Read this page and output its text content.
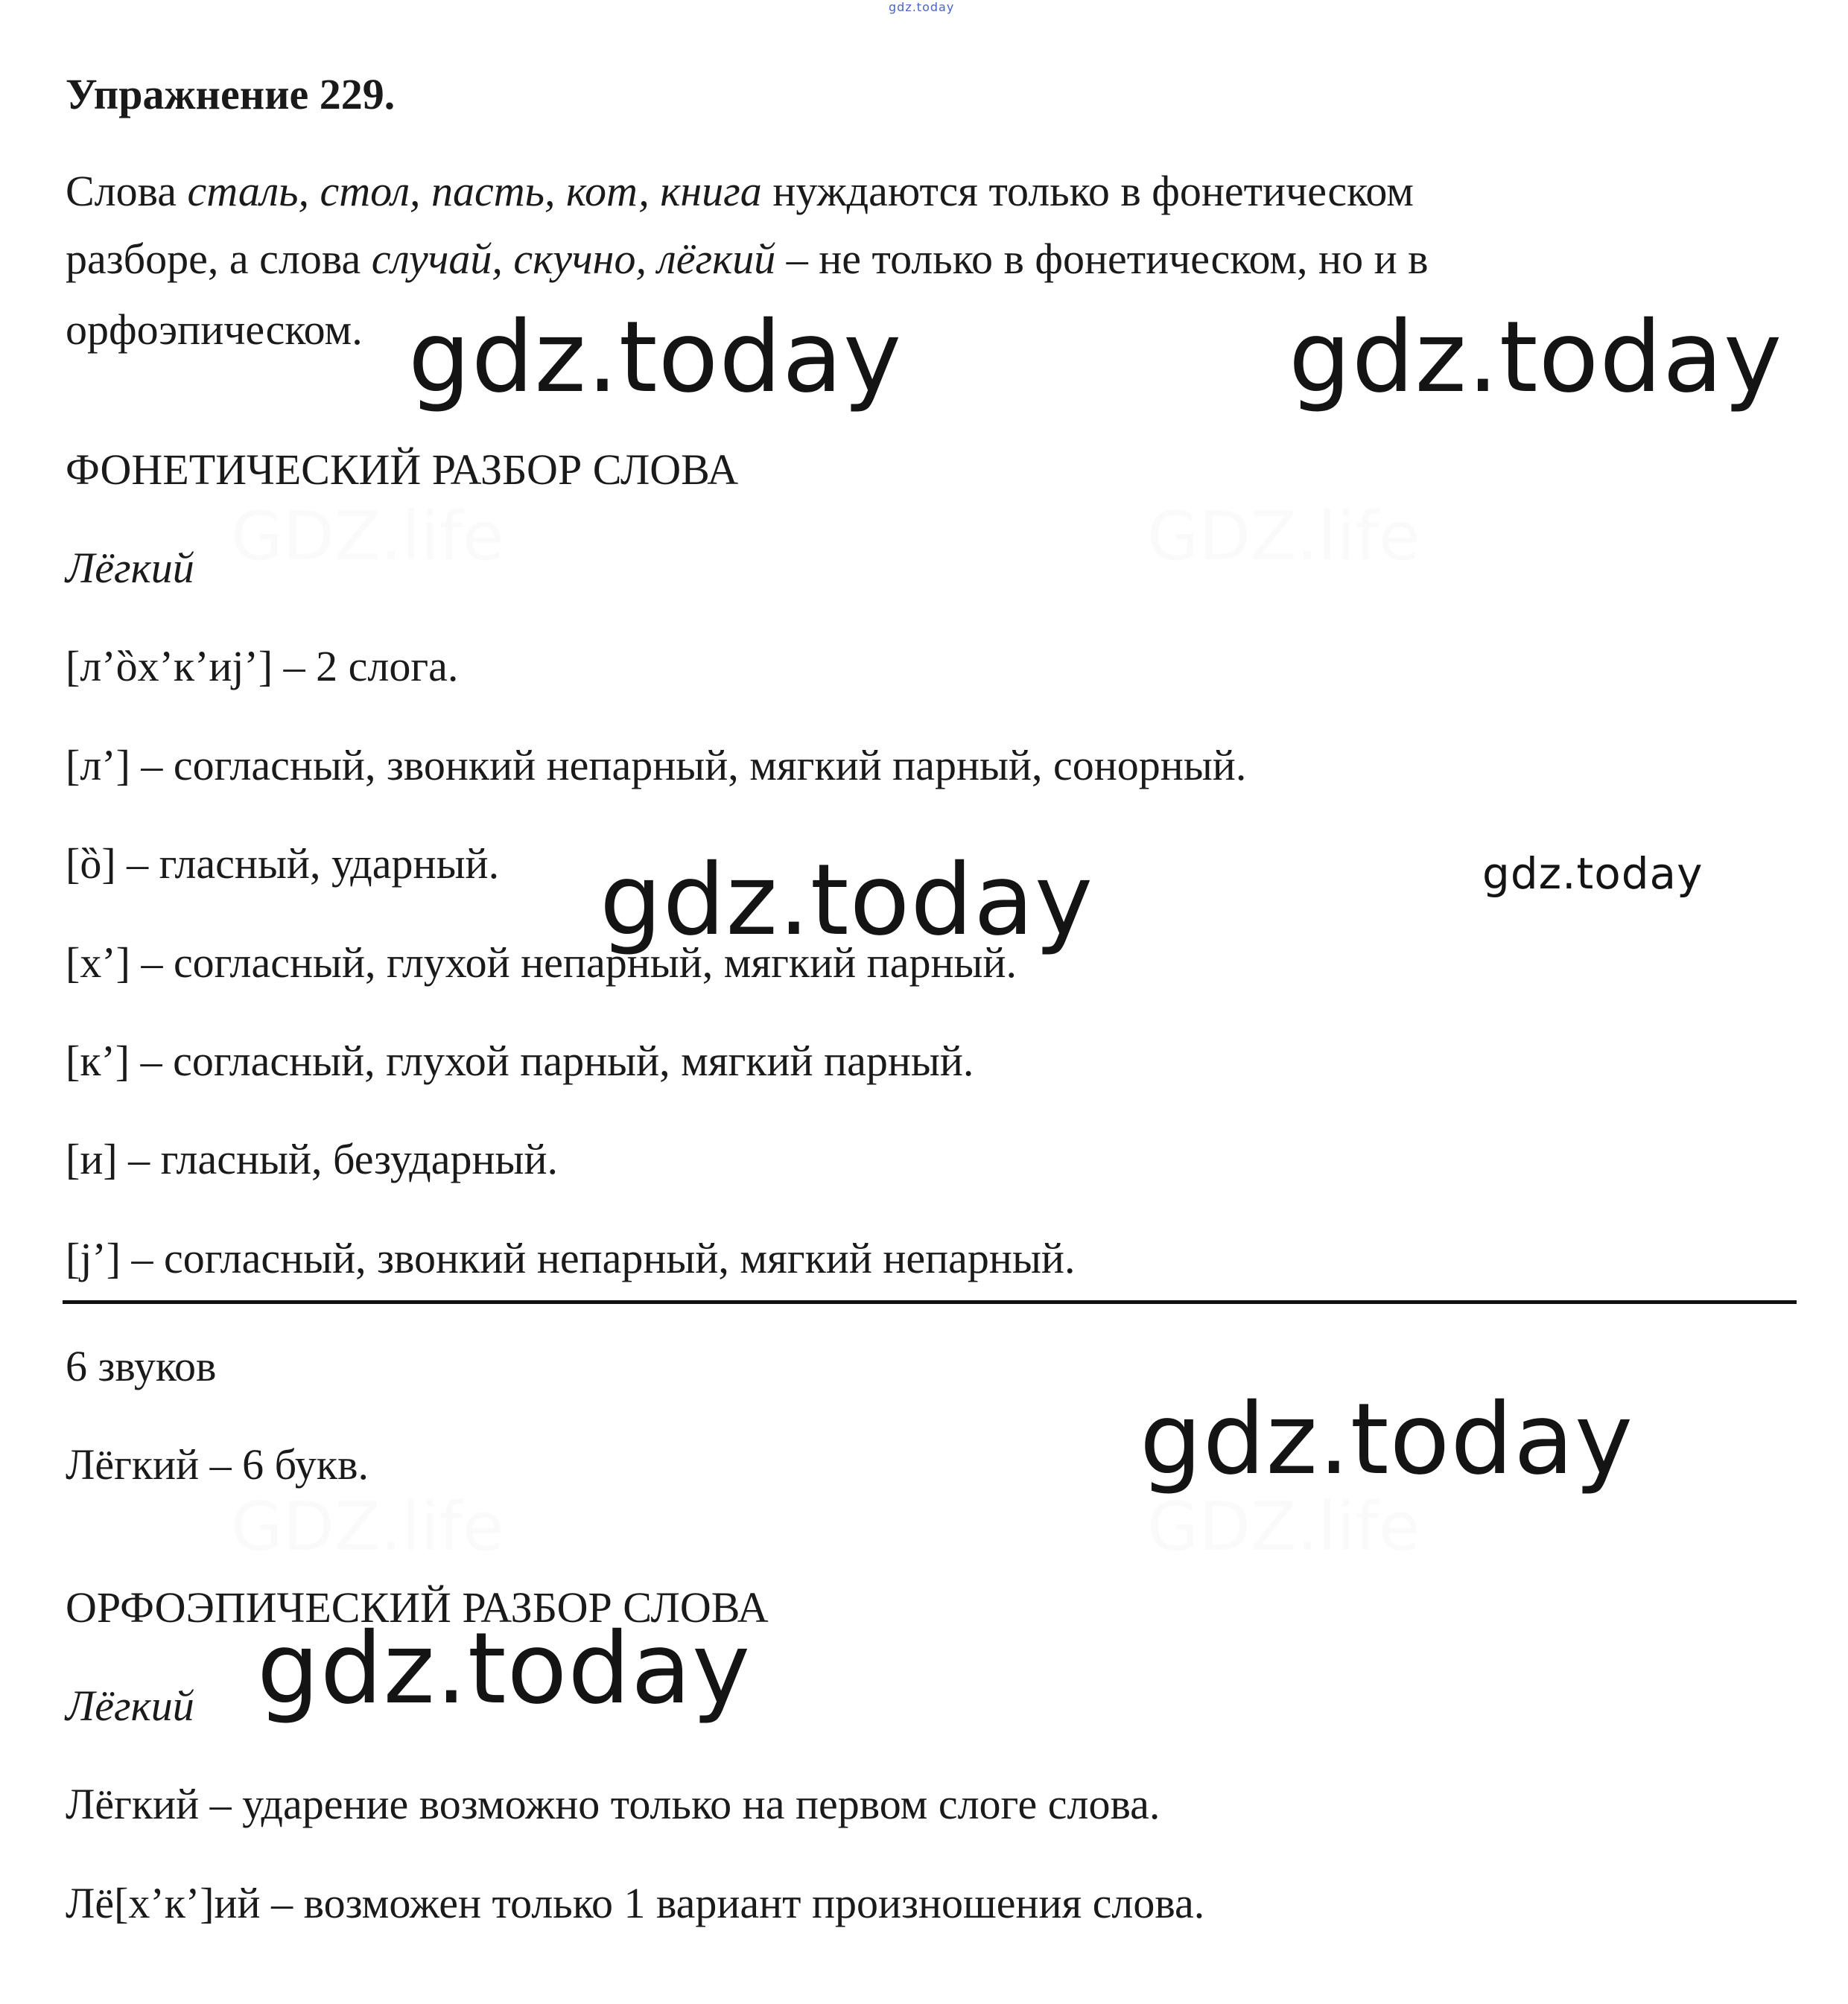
GDZ.life	GDZ.life
GDZ.life	GDZ.life
gdz.today
Упражнение 229.
Слова сталь, стол, пасть, кот, книга нуждаются только в фонетическом
разборе, а слова случай, скучно, лёгкий – не только в фонетическом, но и в
орфоэпическом.
ФОНЕТИЧЕСКИЙ РАЗБОР СЛОВА
Лёгкий
[л’ȍх’к’иj’] – 2 слога.
[л’] – согласный, звонкий непарный, мягкий парный, сонорный.
[ȍ] – гласный, ударный.
[х’] – согласный, глухой непарный, мягкий парный.
[к’] – согласный, глухой парный, мягкий парный.
[и] – гласный, безударный.
[j’] – согласный, звонкий непарный, мягкий непарный.
6 звуков
Лёгкий – 6 букв.
ОРФОЭПИЧЕСКИЙ РАЗБОР СЛОВА
Лёгкий
Лёгкий – ударение возможно только на первом слоге слова.
Лё[х’к’]ий – возможен только 1 вариант произношения слова.
gdz.today	gdz.today
gdz.today	gdz.today
gdz.today
gdz.today
